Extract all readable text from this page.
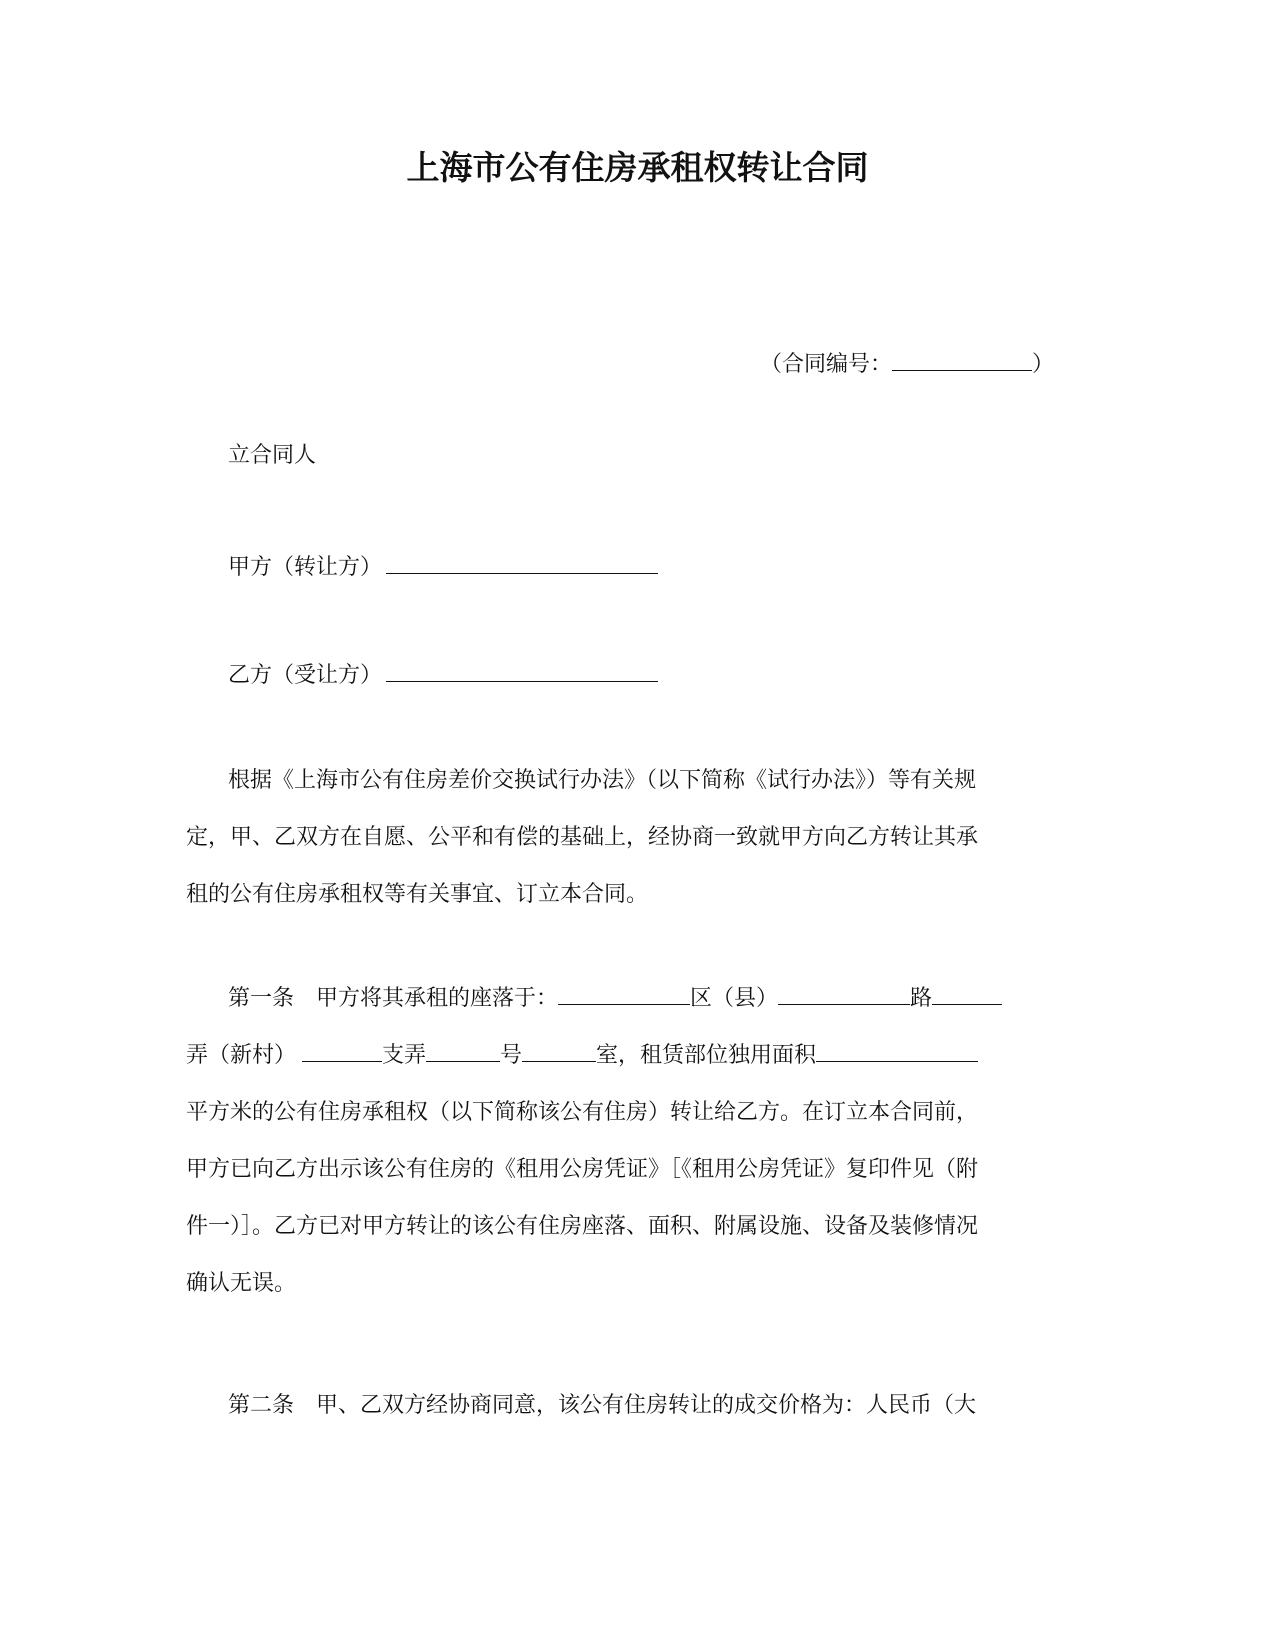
上海市公有住房承租权转让合同
（合同编号：	）
立合同人
甲方（转让方）
乙方（受让方）
根据《上海市公有住房差价交换试行办法》（以下简称《试行办法》）等有关规
定，甲、乙双方在自愿、公平和有偿的基础上，经协商一致就甲方向乙方转让其承
租的公有住房承租权等有关事宜、订立本合同。
第一条　甲方将其承租的座落于：	区（县）	路
弄（新村）	支弄	号	室，租赁部位独用面积
平方米的公有住房承租权（以下简称该公有住房）转让给乙方。在订立本合同前，
甲方已向乙方出示该公有住房的《租用公房凭证》［《租用公房凭证》复印件见（附
件一）］。乙方已对甲方转让的该公有住房座落、面积、附属设施、设备及装修情况
确认无误。
第二条　甲、乙双方经协商同意，该公有住房转让的成交价格为：人民币（大
